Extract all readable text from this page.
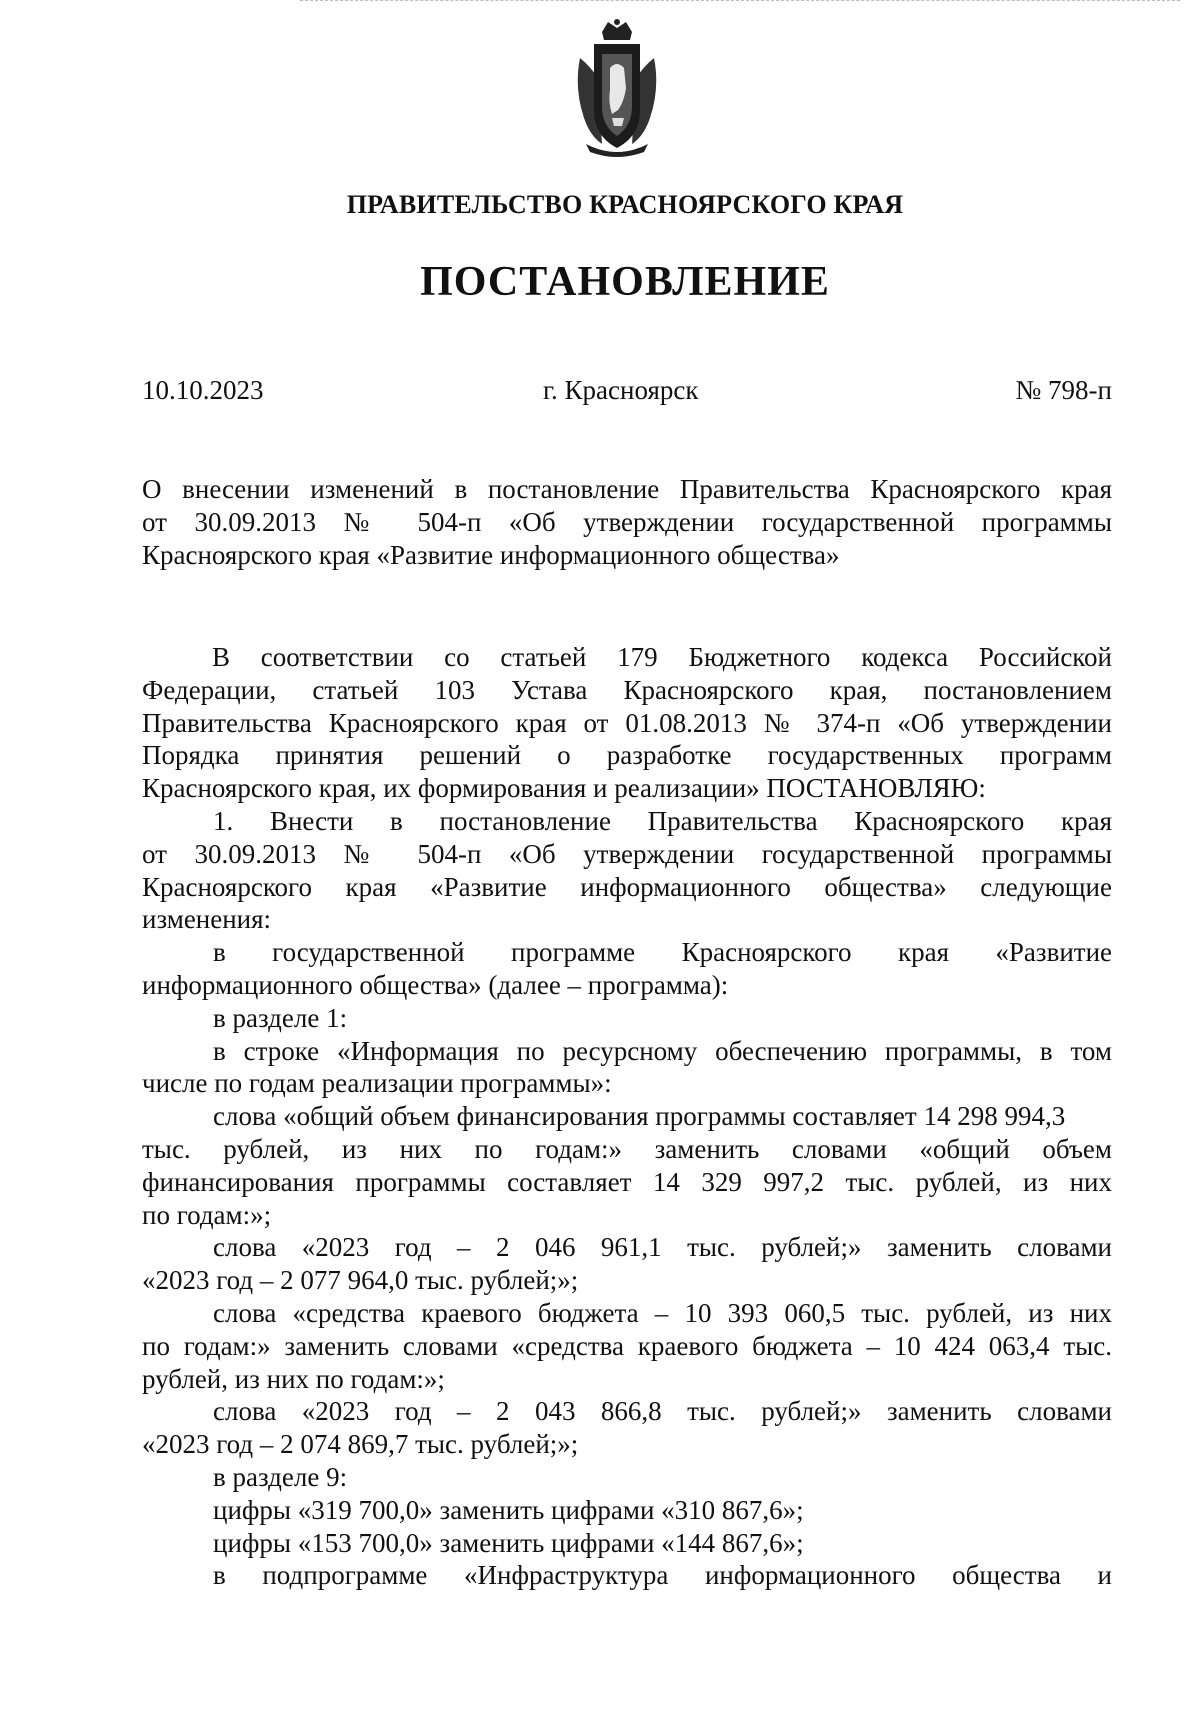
ПРАВИТЕЛЬСТВО КРАСНОЯРСКОГО КРАЯ
ПОСТАНОВЛЕНИЕ
10.10.2023	г. Красноярск	№ 798-п
О внесении изменений в постановление Правительства Красноярского края
от 30.09.2013 № 504-п «Об утверждении государственной программы
Красноярского края «Развитие информационного общества»
В соответствии со статьей 179 Бюджетного кодекса Российской
Федерации, статьей 103 Устава Красноярского края, постановлением
Правительства Красноярского края от 01.08.2013 № 374-п «Об утверждении
Порядка принятия решений о разработке государственных программ
Красноярского края, их формирования и реализации» ПОСТАНОВЛЯЮ:
1. Внести в постановление Правительства Красноярского края
от 30.09.2013 № 504-п «Об утверждении государственной программы
Красноярского края «Развитие информационного общества» следующие
изменения:
в государственной программе Красноярского края «Развитие
информационного общества» (далее – программа):
в разделе 1:
в строке «Информация по ресурсному обеспечению программы, в том
числе по годам реализации программы»:
слова «общий объем финансирования программы составляет 14 298 994,3
тыс. рублей, из них по годам:» заменить словами «общий объем
финансирования программы составляет 14 329 997,2 тыс. рублей, из них
по годам:»;
слова «2023 год – 2 046 961,1 тыс. рублей;» заменить словами
«2023 год – 2 077 964,0 тыс. рублей;»;
слова «средства краевого бюджета – 10 393 060,5 тыс. рублей, из них
по годам:» заменить словами «средства краевого бюджета – 10 424 063,4 тыс.
рублей, из них по годам:»;
слова «2023 год – 2 043 866,8 тыс. рублей;» заменить словами
«2023 год – 2 074 869,7 тыс. рублей;»;
в разделе 9:
цифры «319 700,0» заменить цифрами «310 867,6»;
цифры «153 700,0» заменить цифрами «144 867,6»;
в подпрограмме «Инфраструктура информационного общества и
